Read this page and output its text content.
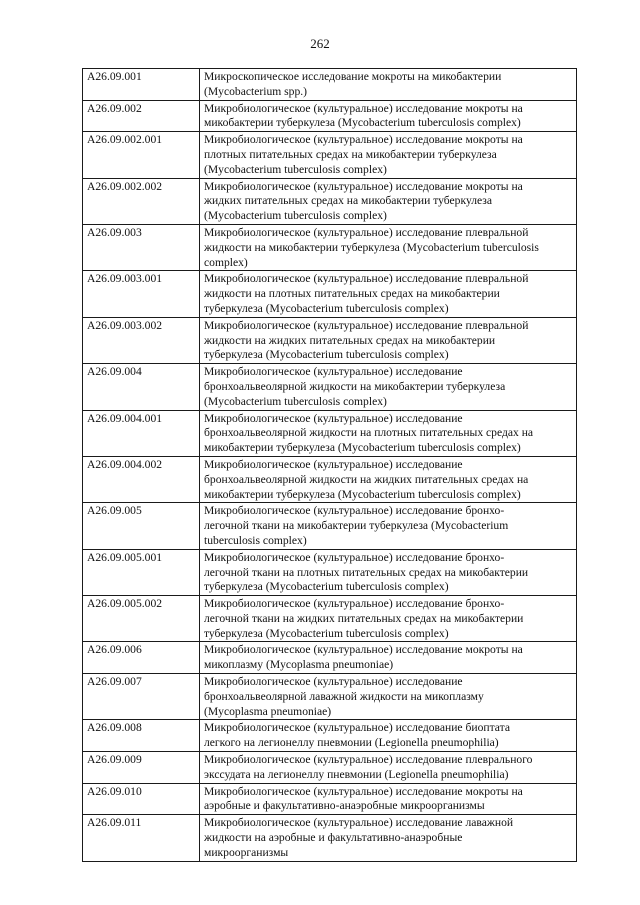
262
A26.09.001	Микроскопическое исследование мокроты на микобактерии
(Mycobacterium spp.)

A26.09.002	Микробиологическое (культуральное) исследование мокроты на
микобактерии туберкулеза (Mycobacterium tuberculosis complex)

A26.09.002.001	Микробиологическое (культуральное) исследование мокроты на
плотных питательных средах на микобактерии туберкулеза
(Mycobacterium tuberculosis complex)

A26.09.002.002	Микробиологическое (культуральное) исследование мокроты на
жидких питательных средах на микобактерии туберкулеза
(Mycobacterium tuberculosis complex)

A26.09.003	Микробиологическое (культуральное) исследование плевральной
жидкости на микобактерии туберкулеза (Mycobacterium tuberculosis
complex)

A26.09.003.001	Микробиологическое (культуральное) исследование плевральной
жидкости на плотных питательных средах на микобактерии
туберкулеза (Mycobacterium tuberculosis complex)

A26.09.003.002	Микробиологическое (культуральное) исследование плевральной
жидкости на жидких питательных средах на микобактерии
туберкулеза (Mycobacterium tuberculosis complex)

A26.09.004	Микробиологическое (культуральное) исследование
бронхоальвеолярной жидкости на микобактерии туберкулеза
(Mycobacterium tuberculosis complex)

A26.09.004.001	Микробиологическое (культуральное) исследование
бронхоальвеолярной жидкости на плотных питательных средах на
микобактерии туберкулеза (Mycobacterium tuberculosis complex)

A26.09.004.002	Микробиологическое (культуральное) исследование
бронхоальвеолярной жидкости на жидких питательных средах на
микобактерии туберкулеза (Mycobacterium tuberculosis complex)

A26.09.005	Микробиологическое (культуральное) исследование бронхо-
легочной ткани на микобактерии туберкулеза (Mycobacterium
tuberculosis complex)

A26.09.005.001	Микробиологическое (культуральное) исследование бронхо-
легочной ткани на плотных питательных средах на микобактерии
туберкулеза (Mycobacterium tuberculosis complex)

A26.09.005.002	Микробиологическое (культуральное) исследование бронхо-
легочной ткани на жидких питательных средах на микобактерии
туберкулеза (Mycobacterium tuberculosis complex)

A26.09.006	Микробиологическое (культуральное) исследование мокроты на
микоплазму (Mycoplasma pneumoniae)

A26.09.007	Микробиологическое (культуральное) исследование
бронхоальвеолярной лаважной жидкости на микоплазму
(Mycoplasma pneumoniae)

A26.09.008	Микробиологическое (культуральное) исследование биоптата
легкого на легионеллу пневмонии (Legionella pneumophilia)

A26.09.009	Микробиологическое (культуральное) исследование плеврального
экссудата на легионеллу пневмонии (Legionella pneumophilia)

A26.09.010	Микробиологическое (культуральное) исследование мокроты на
аэробные и факультативно-анаэробные микроорганизмы

A26.09.011	Микробиологическое (культуральное) исследование лаважной
жидкости на аэробные и факультативно-анаэробные
микроорганизмы
